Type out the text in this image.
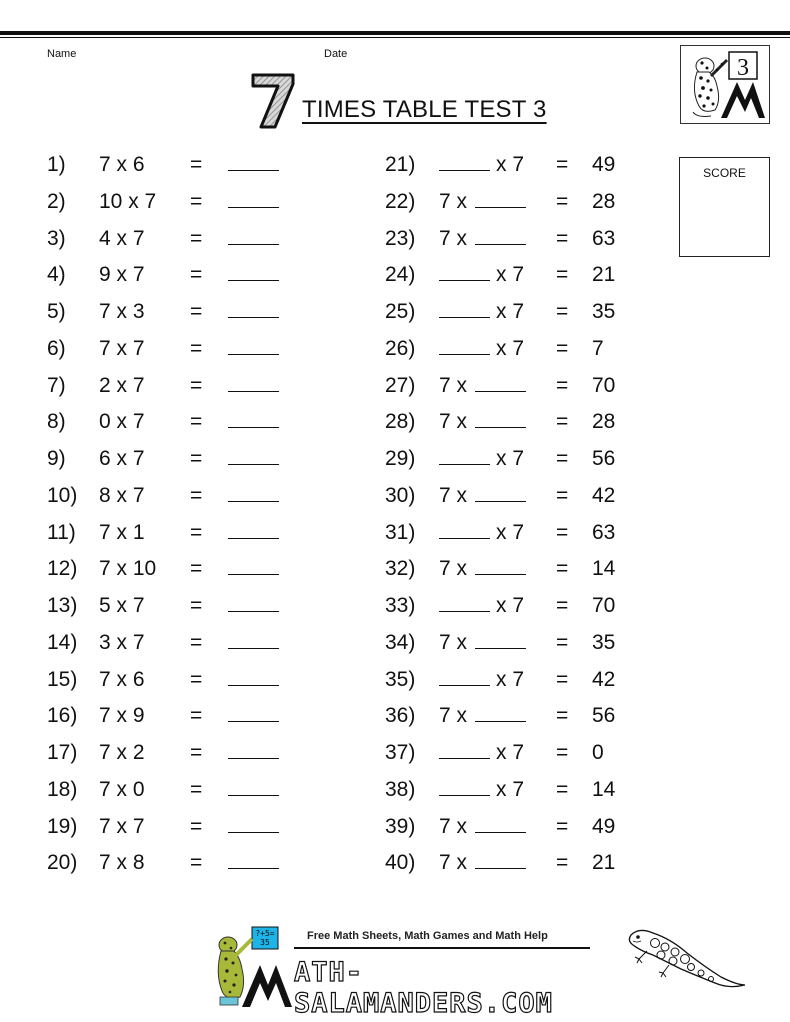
Name	Date
TIMES TABLE TEST 3
3
SCORE
1) 7 x 6 =
2) 10 x 7 =
3) 4 x 7 =
4) 9 x 7 =
5) 7 x 3 =
6) 7 x 7 =
7) 2 x 7 =
8) 0 x 7 =
9) 6 x 7 =
10) 8 x 7 =
11) 7 x 1 =
12) 7 x 10 =
13) 5 x 7 =
14) 3 x 7 =
15) 7 x 6 =
16) 7 x 9 =
17) 7 x 2 =
18) 7 x 0 =
19) 7 x 7 =
20) 7 x 8 =
21)	x 7 = 49
22) 7 x	= 28
23) 7 x	= 63
24)	x 7 = 21
25)	x 7 = 35
26)	x 7 = 7
27) 7 x	= 70
28) 7 x	= 28
29)	x 7 = 56
30) 7 x	= 42
31)	x 7 = 63
32) 7 x	= 14
33)	x 7 = 70
34) 7 x	= 35
35)	x 7 = 42
36) 7 x	= 56
37)	x 7 = 0
38)	x 7 = 14
39) 7 x	= 49
40) 7 x	= 21
?+5=
35
Free Math Sheets, Math Games and Math Help
ATH-SALAMANDERS.COM
